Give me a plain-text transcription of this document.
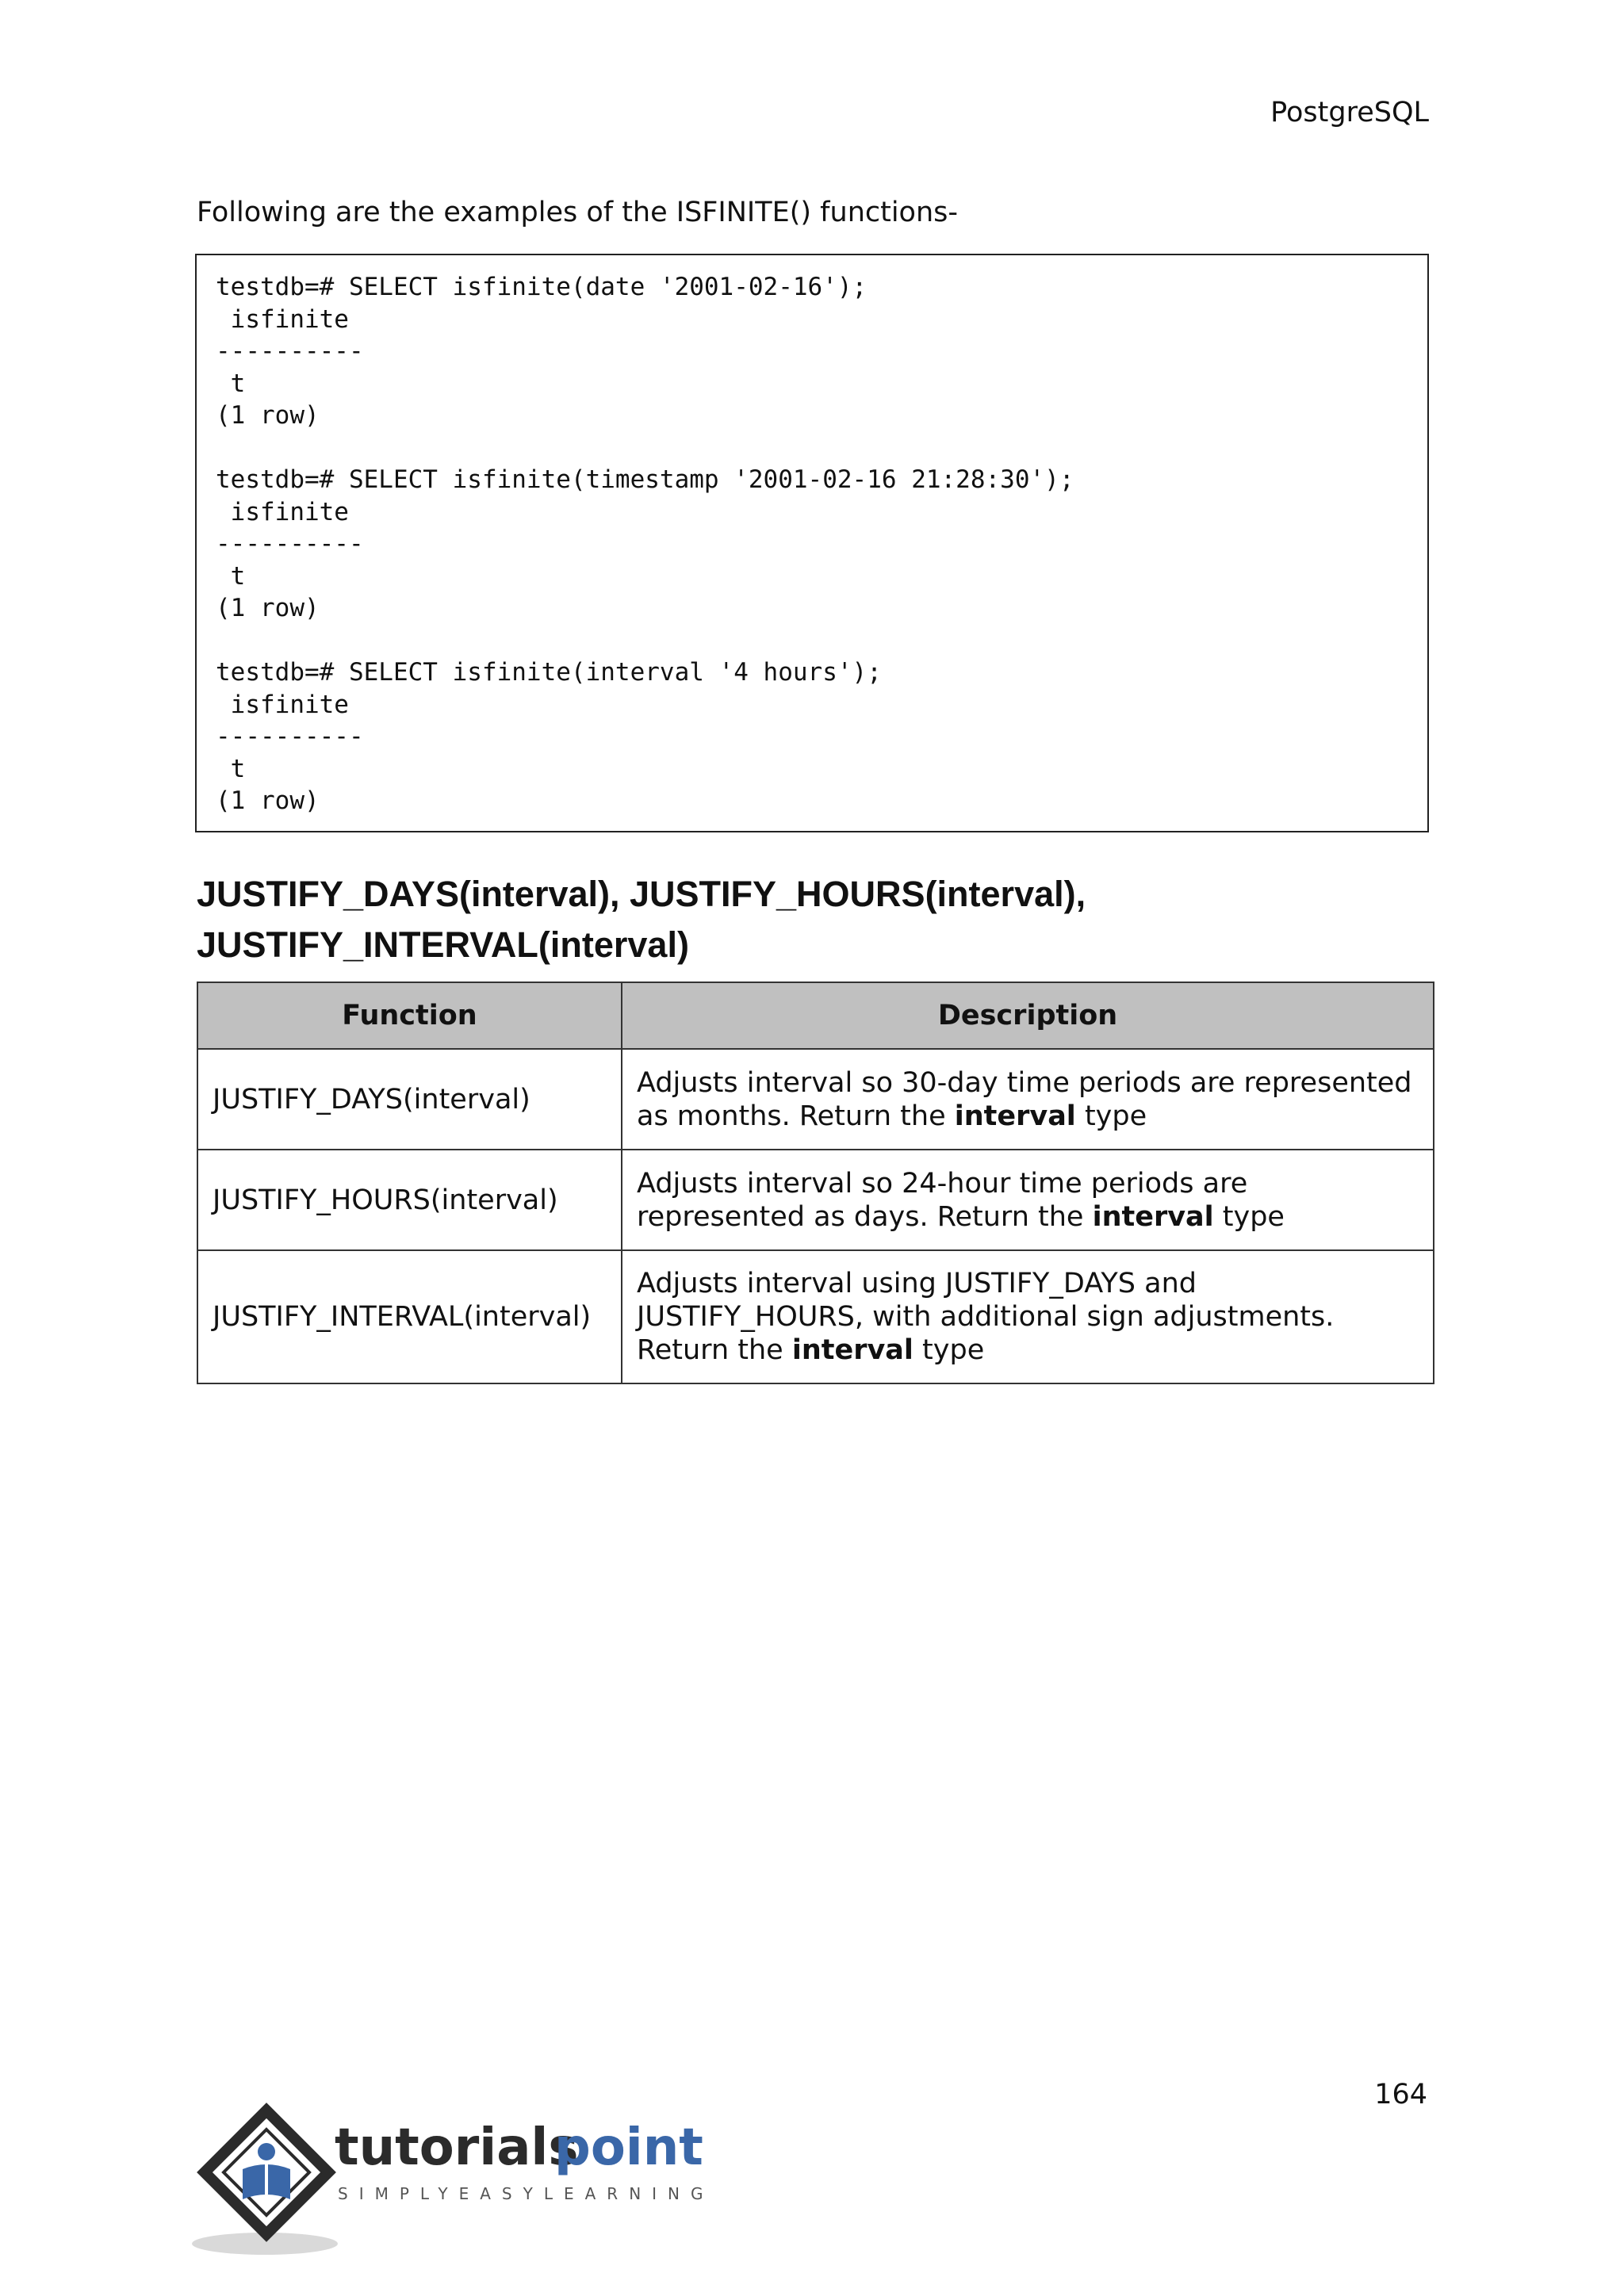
PostgreSQL
Following are the examples of the ISFINITE() functions-
testdb=# SELECT isfinite(date '2001-02-16');
isfinite
----------
t
(1 row)

testdb=# SELECT isfinite(timestamp '2001-02-16 21:28:30');
isfinite
----------
t
(1 row)

testdb=# SELECT isfinite(interval '4 hours');
isfinite
----------
t
(1 row)
JUSTIFY_DAYS(interval), JUSTIFY_HOURS(interval), JUSTIFY_INTERVAL(interval)
Function	Description
JUSTIFY_DAYS(interval)	Adjusts interval so 30-day time periods are represented as months. Return the interval type
JUSTIFY_HOURS(interval)	Adjusts interval so 24-hour time periods are represented as days. Return the interval type
JUSTIFY_INTERVAL(interval)	Adjusts interval using JUSTIFY_DAYS and JUSTIFY_HOURS, with additional sign adjustments. Return the interval type
164
tutorials
point
SIMPLYEASYLEARNING
